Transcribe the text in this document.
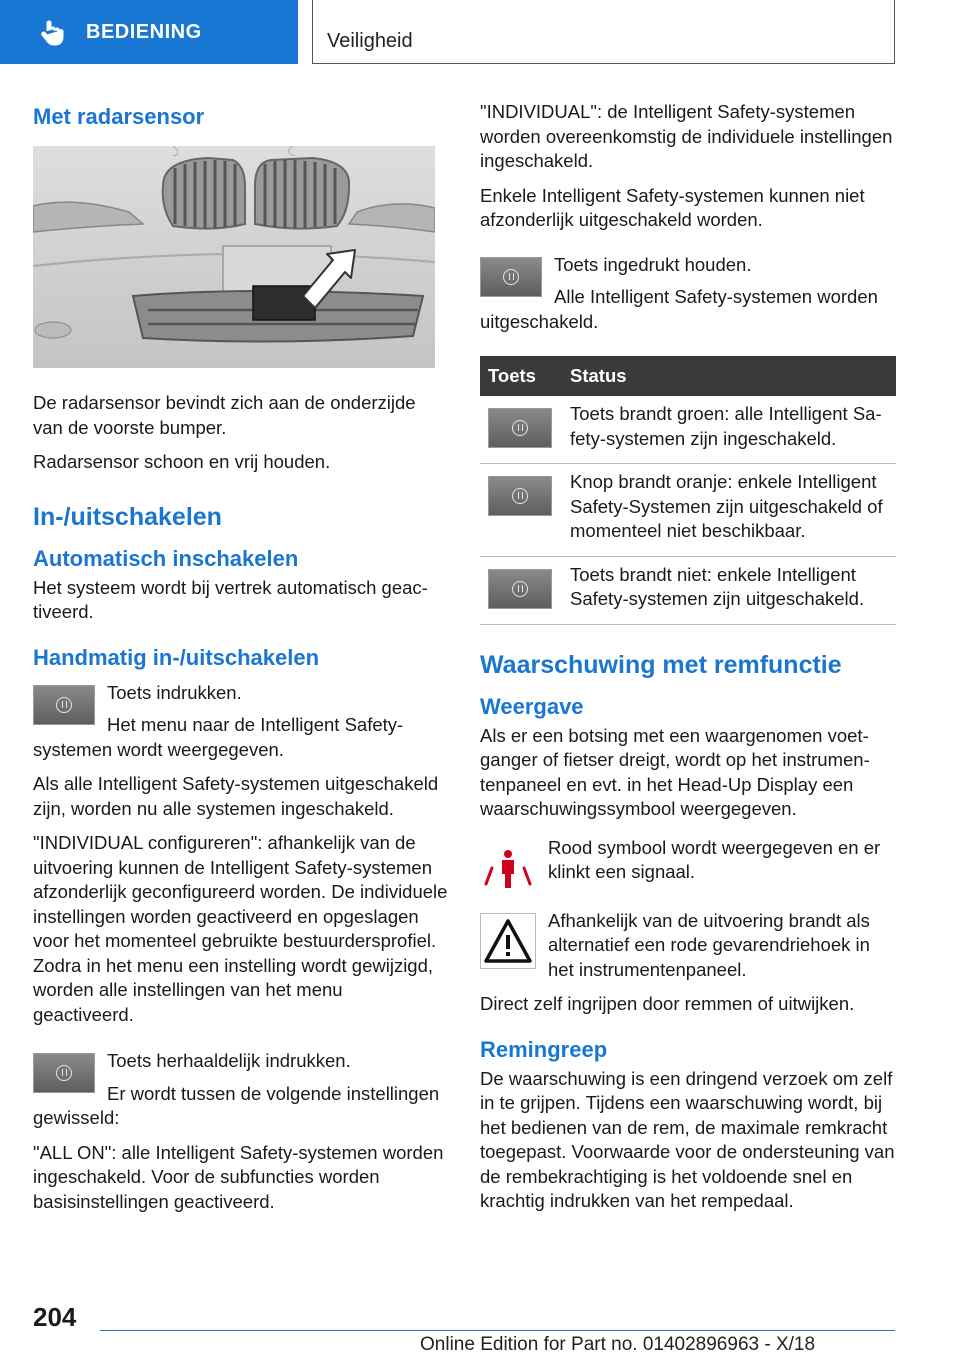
BEDIENING	Veiligheid
Met radarsensor

De radarsensor bevindt zich aan de onderzijde van de voorste bumper.

Radarsensor schoon en vrij houden.

In-/uitschakelen
Automatisch inschakelen

Het systeem wordt bij vertrek automatisch geactiveerd.

Handmatig in-/uitschakelen

Toets indrukken.

Het menu naar de Intelligent Safety-systemen wordt weergegeven.

Als alle Intelligent Safety-systemen uitgeschakeld zijn, worden nu alle systemen ingeschakeld.

"INDIVIDUAL configureren": afhankelijk van de uitvoering kunnen de Intelligent Safety-systemen afzonderlijk geconfigureerd worden. De individuele instellingen worden geactiveerd en opgeslagen voor het momenteel gebruikte bestuurdersprofiel. Zodra in het menu een instelling wordt gewijzigd, worden alle instellingen van het menu geactiveerd.

Toets herhaaldelijk indrukken.

Er wordt tussen de volgende instellingen gewisseld:

"ALL ON": alle Intelligent Safety-systemen worden ingeschakeld. Voor de subfuncties worden basisinstellingen geactiveerd.

"INDIVIDUAL": de Intelligent Safety-systemen worden overeenkomstig de individuele instellingen ingeschakeld.

Enkele Intelligent Safety-systemen kunnen niet afzonderlijk uitgeschakeld worden.

Toets ingedrukt houden.

Alle Intelligent Safety-systemen worden uitgeschakeld.

Toets	Status

	Toets brandt groen: alle Intelligent Safety-systemen zijn ingeschakeld.

	Knop brandt oranje: enkele Intelligent Safety-Systemen zijn uitgeschakeld of momenteel niet beschikbaar.

	Toets brandt niet: enkele Intelligent Safety-systemen zijn uitgeschakeld.
Waarschuwing met remfunctie
Weergave

Als er een botsing met een waargenomen voetganger of fietser dreigt, wordt op het instrumentenpaneel en evt. in het Head-Up Display een waarschuwingssymbool weergegeven.

Rood symbool wordt weergegeven en er klinkt een signaal.

Afhankelijk van de uitvoering brandt als alternatief een rode gevarendriehoek in het instrumentenpaneel.

Direct zelf ingrijpen door remmen of uitwijken.

Remingreep

De waarschuwing is een dringend verzoek om zelf in te grijpen. Tijdens een waarschuwing wordt, bij het bedienen van de rem, de maximale remkracht toegepast. Voorwaarde voor de ondersteuning van de rembekrachtiging is het voldoende snel en krachtig indrukken van het rempedaal.

204
Online Edition for Part no. 01402896963 - X/18
